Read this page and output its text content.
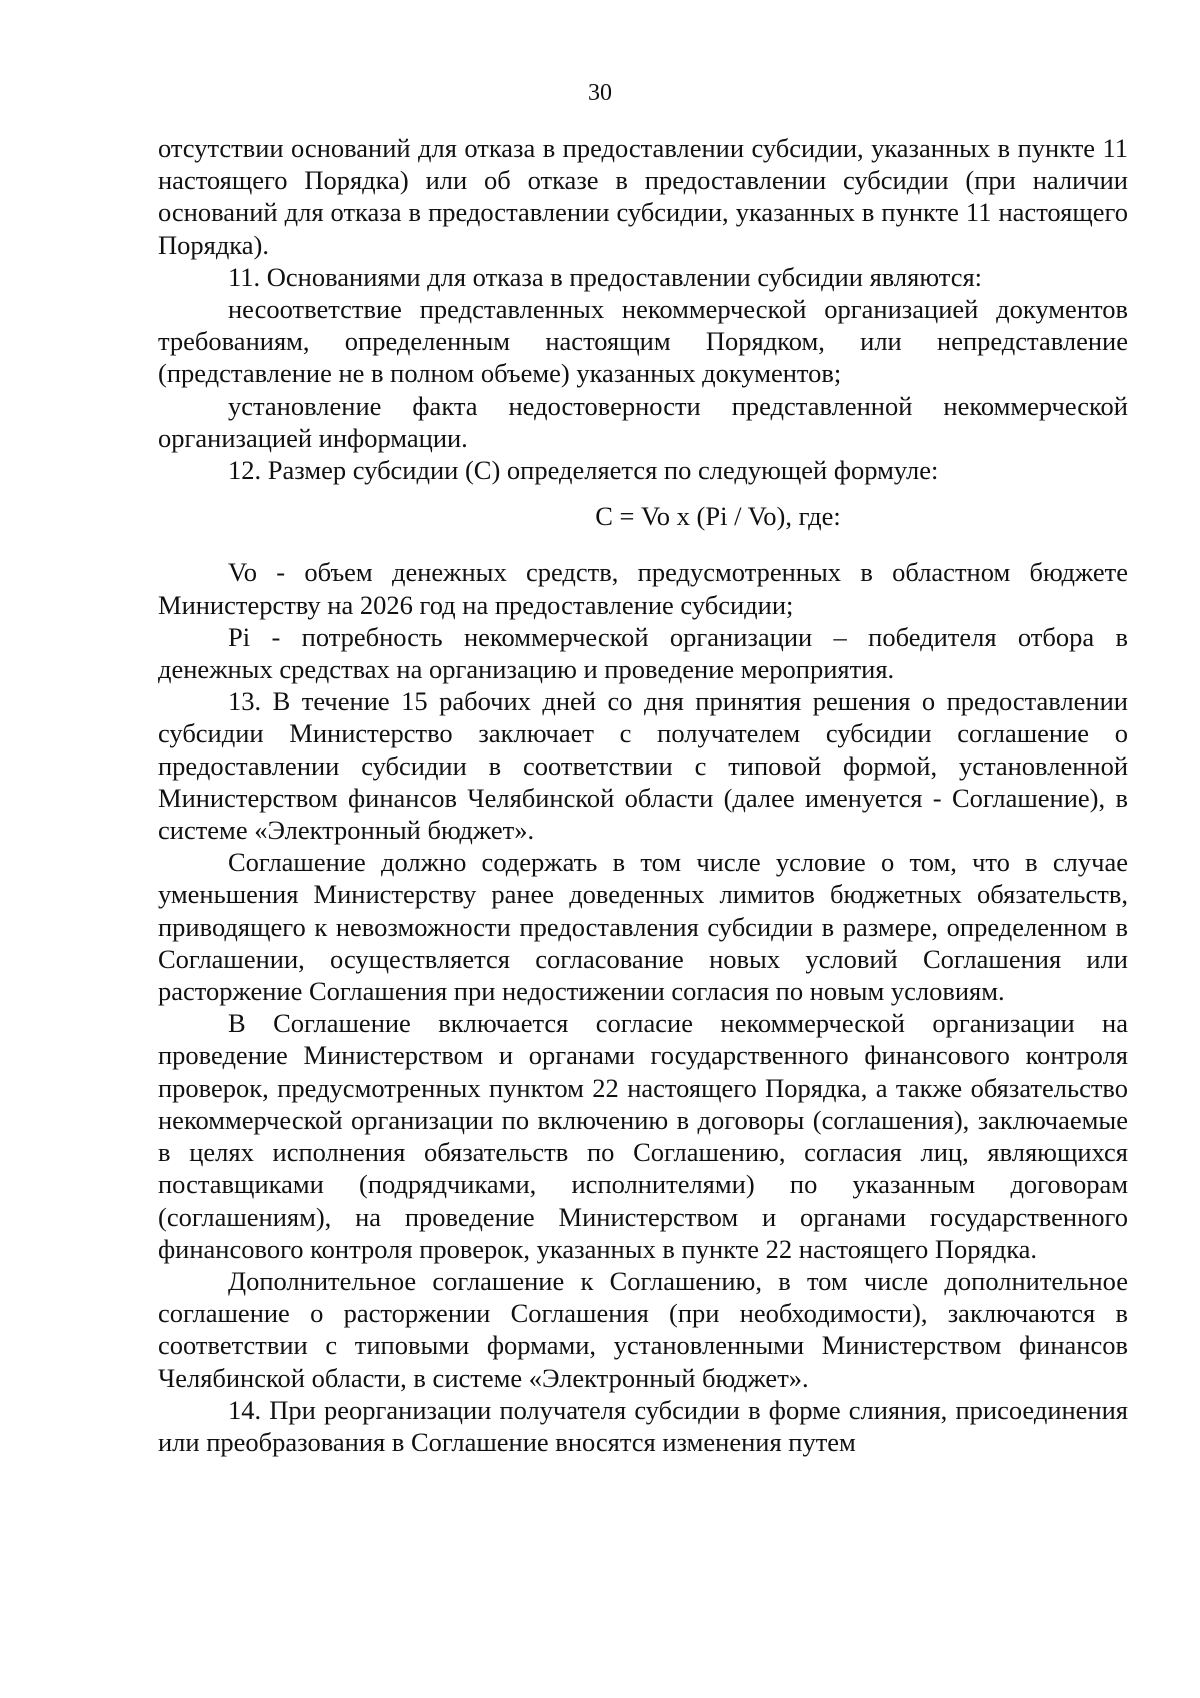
30

отсутствии оснований для отказа в предоставлении субсидии, указанных в пункте 11 настоящего Порядка) или об отказе в предоставлении субсидии (при наличии оснований для отказа в предоставлении субсидии, указанных в пункте 11 настоящего Порядка).

11. Основаниями для отказа в предоставлении субсидии являются:

несоответствие представленных некоммерческой организацией документов требованиям, определенным настоящим Порядком, или непредставление (представление не в полном объеме) указанных документов;

установление факта недостоверности представленной некоммерческой организацией информации.

12. Размер субсидии (С) определяется по следующей формуле:

С = Vo x (Pi / Vo), где:

Vo - объем денежных средств, предусмотренных в областном бюджете Министерству на 2026 год на предоставление субсидии;

Pi - потребность некоммерческой организации – победителя отбора в денежных средствах на организацию и проведение мероприятия.

13. В течение 15 рабочих дней со дня принятия решения о предоставлении субсидии Министерство заключает с получателем субсидии соглашение о предоставлении субсидии в соответствии с типовой формой, установленной Министерством финансов Челябинской области (далее именуется - Соглашение), в системе «Электронный бюджет».

Соглашение должно содержать в том числе условие о том, что в случае уменьшения Министерству ранее доведенных лимитов бюджетных обязательств, приводящего к невозможности предоставления субсидии в размере, определенном в Соглашении, осуществляется согласование новых условий Соглашения или расторжение Соглашения при недостижении согласия по новым условиям.

В Соглашение включается согласие некоммерческой организации на проведение Министерством и органами государственного финансового контроля проверок, предусмотренных пунктом 22 настоящего Порядка, а также обязательство некоммерческой организации по включению в договоры (соглашения), заключаемые в целях исполнения обязательств по Соглашению, согласия лиц, являющихся поставщиками (подрядчиками, исполнителями) по указанным договорам (соглашениям), на проведение Министерством и органами государственного финансового контроля проверок, указанных в пункте 22 настоящего Порядка.

Дополнительное соглашение к Соглашению, в том числе дополнительное соглашение о расторжении Соглашения (при необходимости), заключаются в соответствии с типовыми формами, установленными Министерством финансов Челябинской области, в системе «Электронный бюджет».

14. При реорганизации получателя субсидии в форме слияния, присоединения или преобразования в Соглашение вносятся изменения путем
